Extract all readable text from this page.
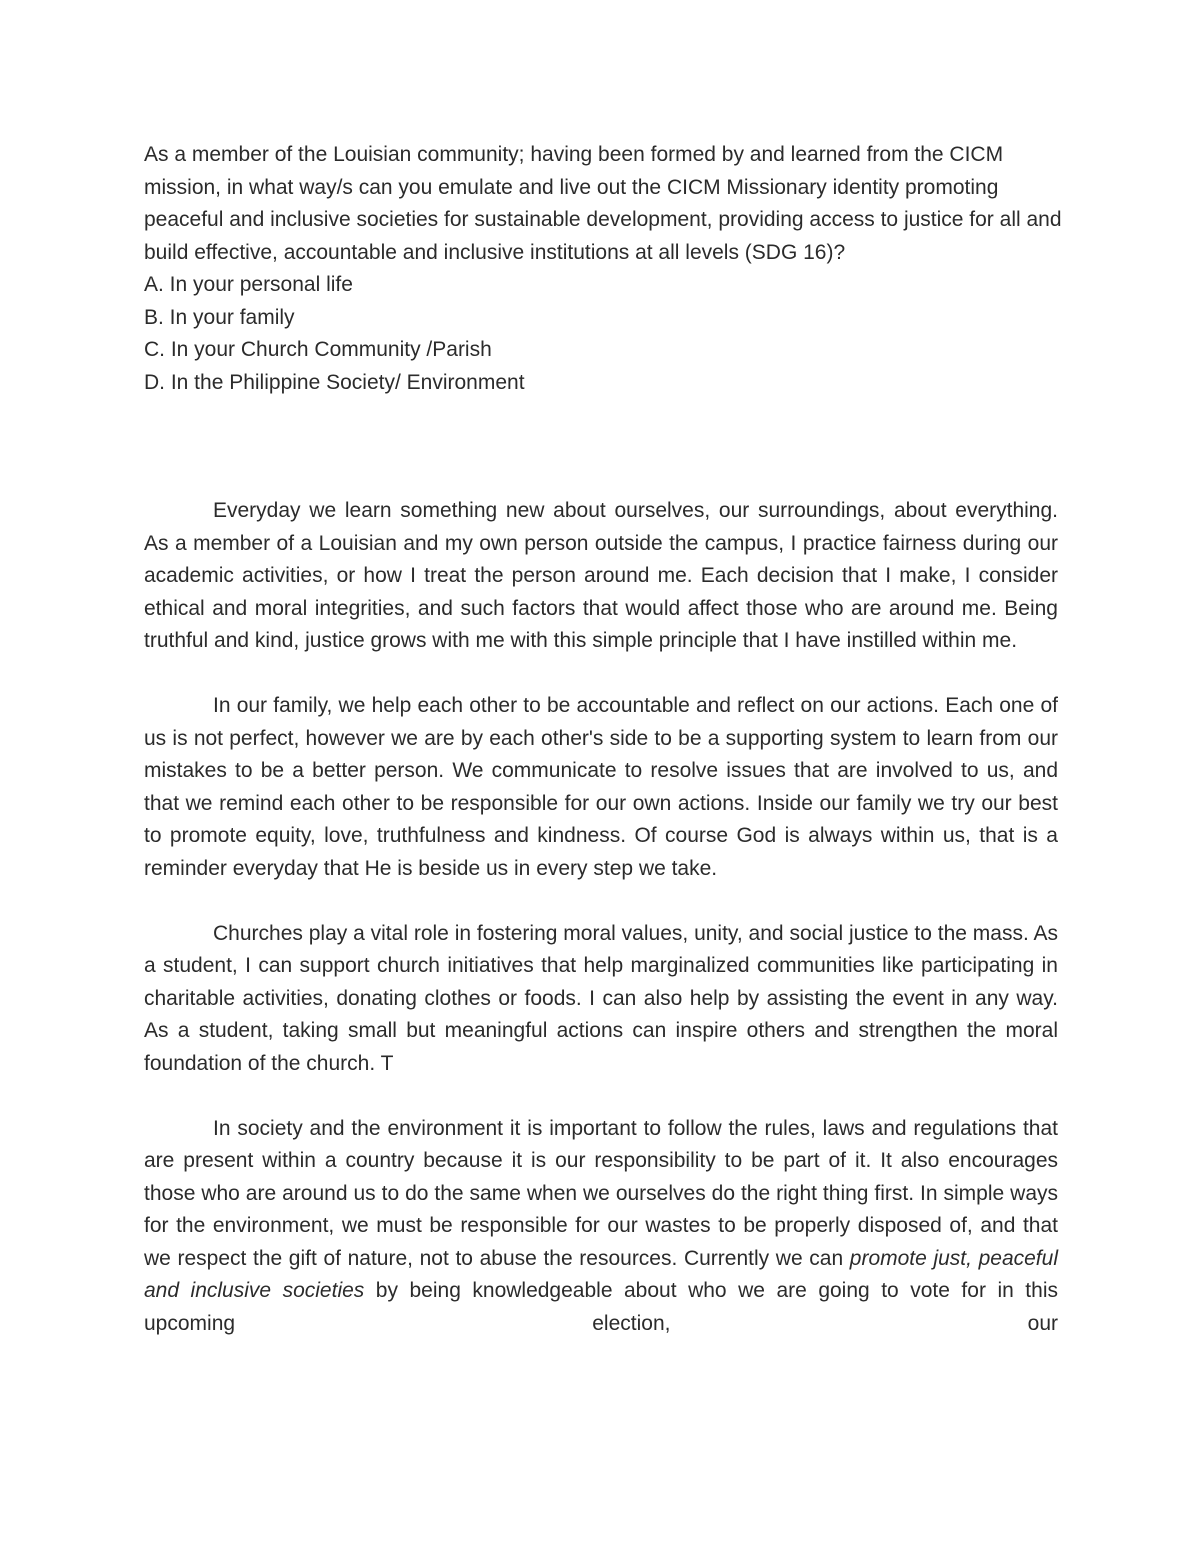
As a member of the Louisian community; having been formed by and learned from the CICM mission, in what way/s can you emulate and live out the CICM Missionary identity promoting peaceful and inclusive societies for sustainable development, providing access to justice for all and build effective, accountable and inclusive institutions at all levels (SDG 16)?

A. In your personal life
B. In your family
C. In your Church Community /Parish
D. In the Philippine Society/ Environment

Everyday we learn something new about ourselves, our surroundings, about everything. As a member of a Louisian and my own person outside the campus, I practice fairness during our academic activities, or how I treat the person around me. Each decision that I make, I consider ethical and moral integrities, and such factors that would affect those who are around me. Being truthful and kind, justice grows with me with this simple principle that I have instilled within me.

In our family, we help each other to be accountable and reflect on our actions. Each one of us is not perfect, however we are by each other's side to be a supporting system to learn from our mistakes to be a better person. We communicate to resolve issues that are involved to us, and that we remind each other to be responsible for our own actions. Inside our family we try our best to promote equity, love, truthfulness and kindness. Of course God is always within us, that is a reminder everyday that He is beside us in every step we take.

Churches play a vital role in fostering moral values, unity, and social justice to the mass. As a student, I can support church initiatives that help marginalized communities like participating in charitable activities, donating clothes or foods. I can also help by assisting the event in any way. As a student, taking small but meaningful actions can inspire others and strengthen the moral foundation of the church. T

In society and the environment it is important to follow the rules, laws and regulations that are present within a country because it is our responsibility to be part of it. It also encourages those who are around us to do the same when we ourselves do the right thing first. In simple ways for the environment, we must be responsible for our wastes to be properly disposed of, and that we respect the gift of nature, not to abuse the resources. Currently we can promote just, peaceful and inclusive societies by being knowledgeable about who we are going to vote for in this upcoming election, our
